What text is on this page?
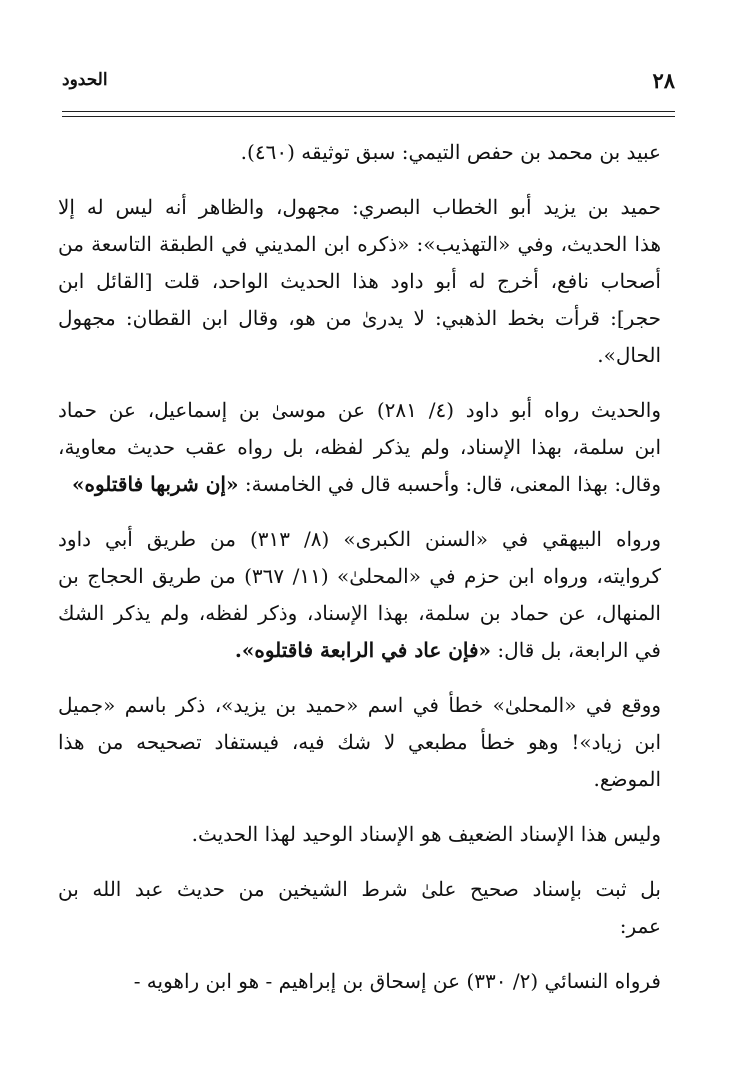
٢٨
الحدود
عبيد بن محمد بن حفص التيمي: سبق توثيقه (٤٦٠).
حميد بن يزيد أبو الخطاب البصري: مجهول، والظاهر أنه ليس له إلا
هذا الحديث، وفي «التهذيب»: «ذكره ابن المديني في الطبقة التاسعة من
أصحاب نافع، أخرج له أبو داود هذا الحديث الواحد، قلت [القائل ابن
حجر]: قرأت بخط الذهبي: لا يدرىٰ من هو، وقال ابن القطان: مجهول
الحال».
والحديث رواه أبو داود (٤/ ٢٨١) عن موسىٰ بن إسماعيل، عن حماد
ابن سلمة، بهذا الإسناد، ولم يذكر لفظه، بل رواه عقب حديث معاوية،
وقال: بهذا المعنى، قال: وأحسبه قال في الخامسة: «إن شربها فاقتلوه»
ورواه البيهقي في «السنن الكبرى» (٨/ ٣١٣) من طريق أبي داود
كروايته، ورواه ابن حزم في «المحلىٰ» (١١/ ٣٦٧) من طريق الحجاج بن
المنهال، عن حماد بن سلمة، بهذا الإسناد، وذكر لفظه، ولم يذكر الشك
في الرابعة، بل قال: «فإن عاد في الرابعة فاقتلوه».
ووقع في «المحلىٰ» خطأ في اسم «حميد بن يزيد»، ذكر باسم «جميل
ابن زياد»! وهو خطأ مطبعي لا شك فيه، فيستفاد تصحيحه من هذا
الموضع.
وليس هذا الإسناد الضعيف هو الإسناد الوحيد لهذا الحديث.
بل ثبت بإسناد صحيح علىٰ شرط الشيخين من حديث عبد الله بن
عمر:
فرواه النسائي (٢/ ٣٣٠) عن إسحاق بن إبراهيم - هو ابن راهويه -
